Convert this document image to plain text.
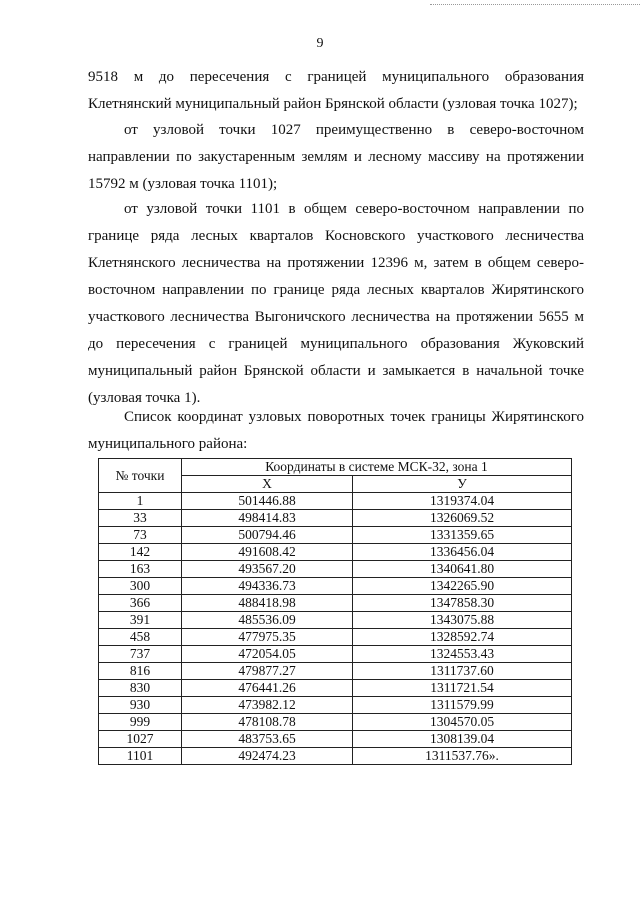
9

9518 м до пересечения с границей муниципального образования Клетнянский муниципальный район Брянской области (узловая точка 1027);

от узловой точки 1027 преимущественно в северо-восточном направлении по закустаренным землям и лесному массиву на протяжении 15792 м (узловая точка 1101);

от узловой точки 1101 в общем северо-восточном направлении по границе ряда лесных кварталов Косновского участкового лесничества Клетнянского лесничества на протяжении 12396 м, затем в общем северо-восточном направлении по границе ряда лесных кварталов Жирятинского участкового лесничества Выгоничского лесничества на протяжении 5655 м до пересечения с границей муниципального образования Жуковский муниципальный район Брянской области и замыкается в начальной точке (узловая точка 1).

Список координат узловых поворотных точек границы Жирятинского муниципального района:

№ точки	Координаты в системе МСК-32, зона 1	
	X	У
1	501446.88	1319374.04
33	498414.83	1326069.52
73	500794.46	1331359.65
142	491608.42	1336456.04
163	493567.20	1340641.80
300	494336.73	1342265.90
366	488418.98	1347858.30
391	485536.09	1343075.88
458	477975.35	1328592.74
737	472054.05	1324553.43
816	479877.27	1311737.60
830	476441.26	1311721.54
930	473982.12	1311579.99
999	478108.78	1304570.05
1027	483753.65	1308139.04
1101	492474.23	1311537.76».
